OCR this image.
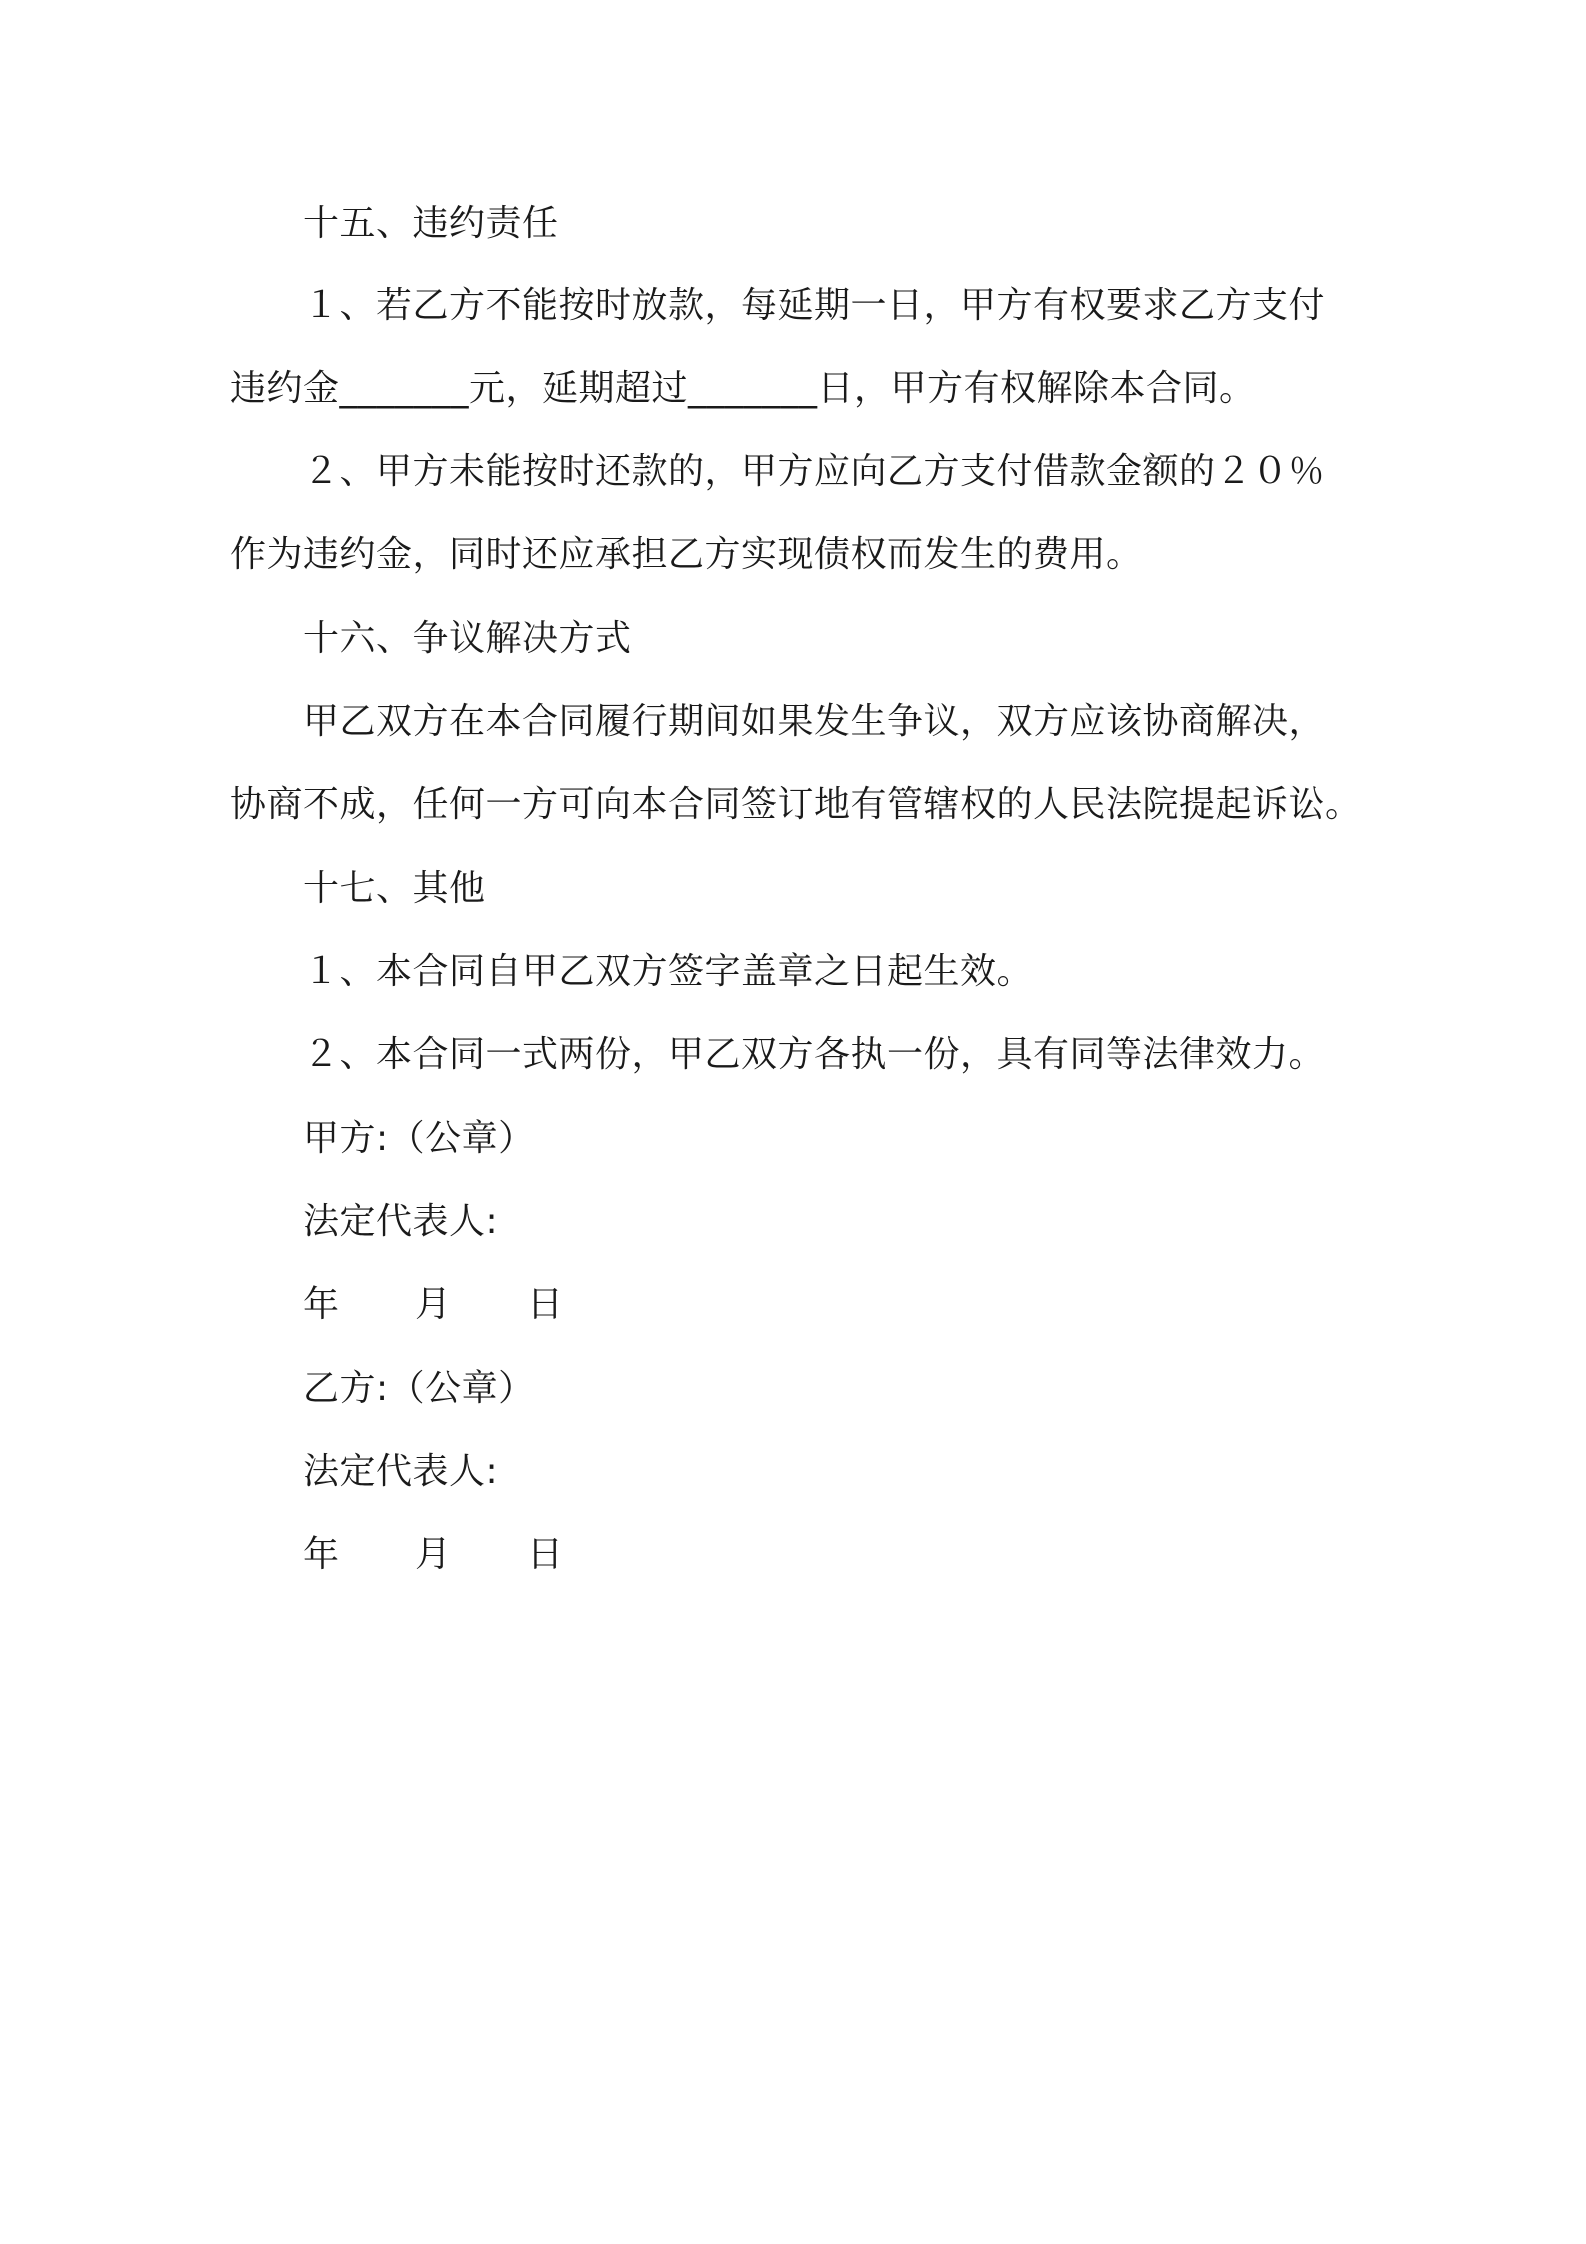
十五、违约责任
１、若乙方不能按时放款，每延期一日，甲方有权要求乙方支付
违约金_______元，延期超过_______日，甲方有权解除本合同。
２、甲方未能按时还款的，甲方应向乙方支付借款金额的２０％
作为违约金，同时还应承担乙方实现债权而发生的费用。
十六、争议解决方式
甲乙双方在本合同履行期间如果发生争议，双方应该协商解决，
协商不成，任何一方可向本合同签订地有管辖权的人民法院提起诉讼。
十七、其他
１、本合同自甲乙双方签字盖章之日起生效。
２、本合同一式两份，甲乙双方各执一份，具有同等法律效力。
甲方:（公章）
法定代表人:
年 月 日
乙方:（公章）
法定代表人:
年 月 日
